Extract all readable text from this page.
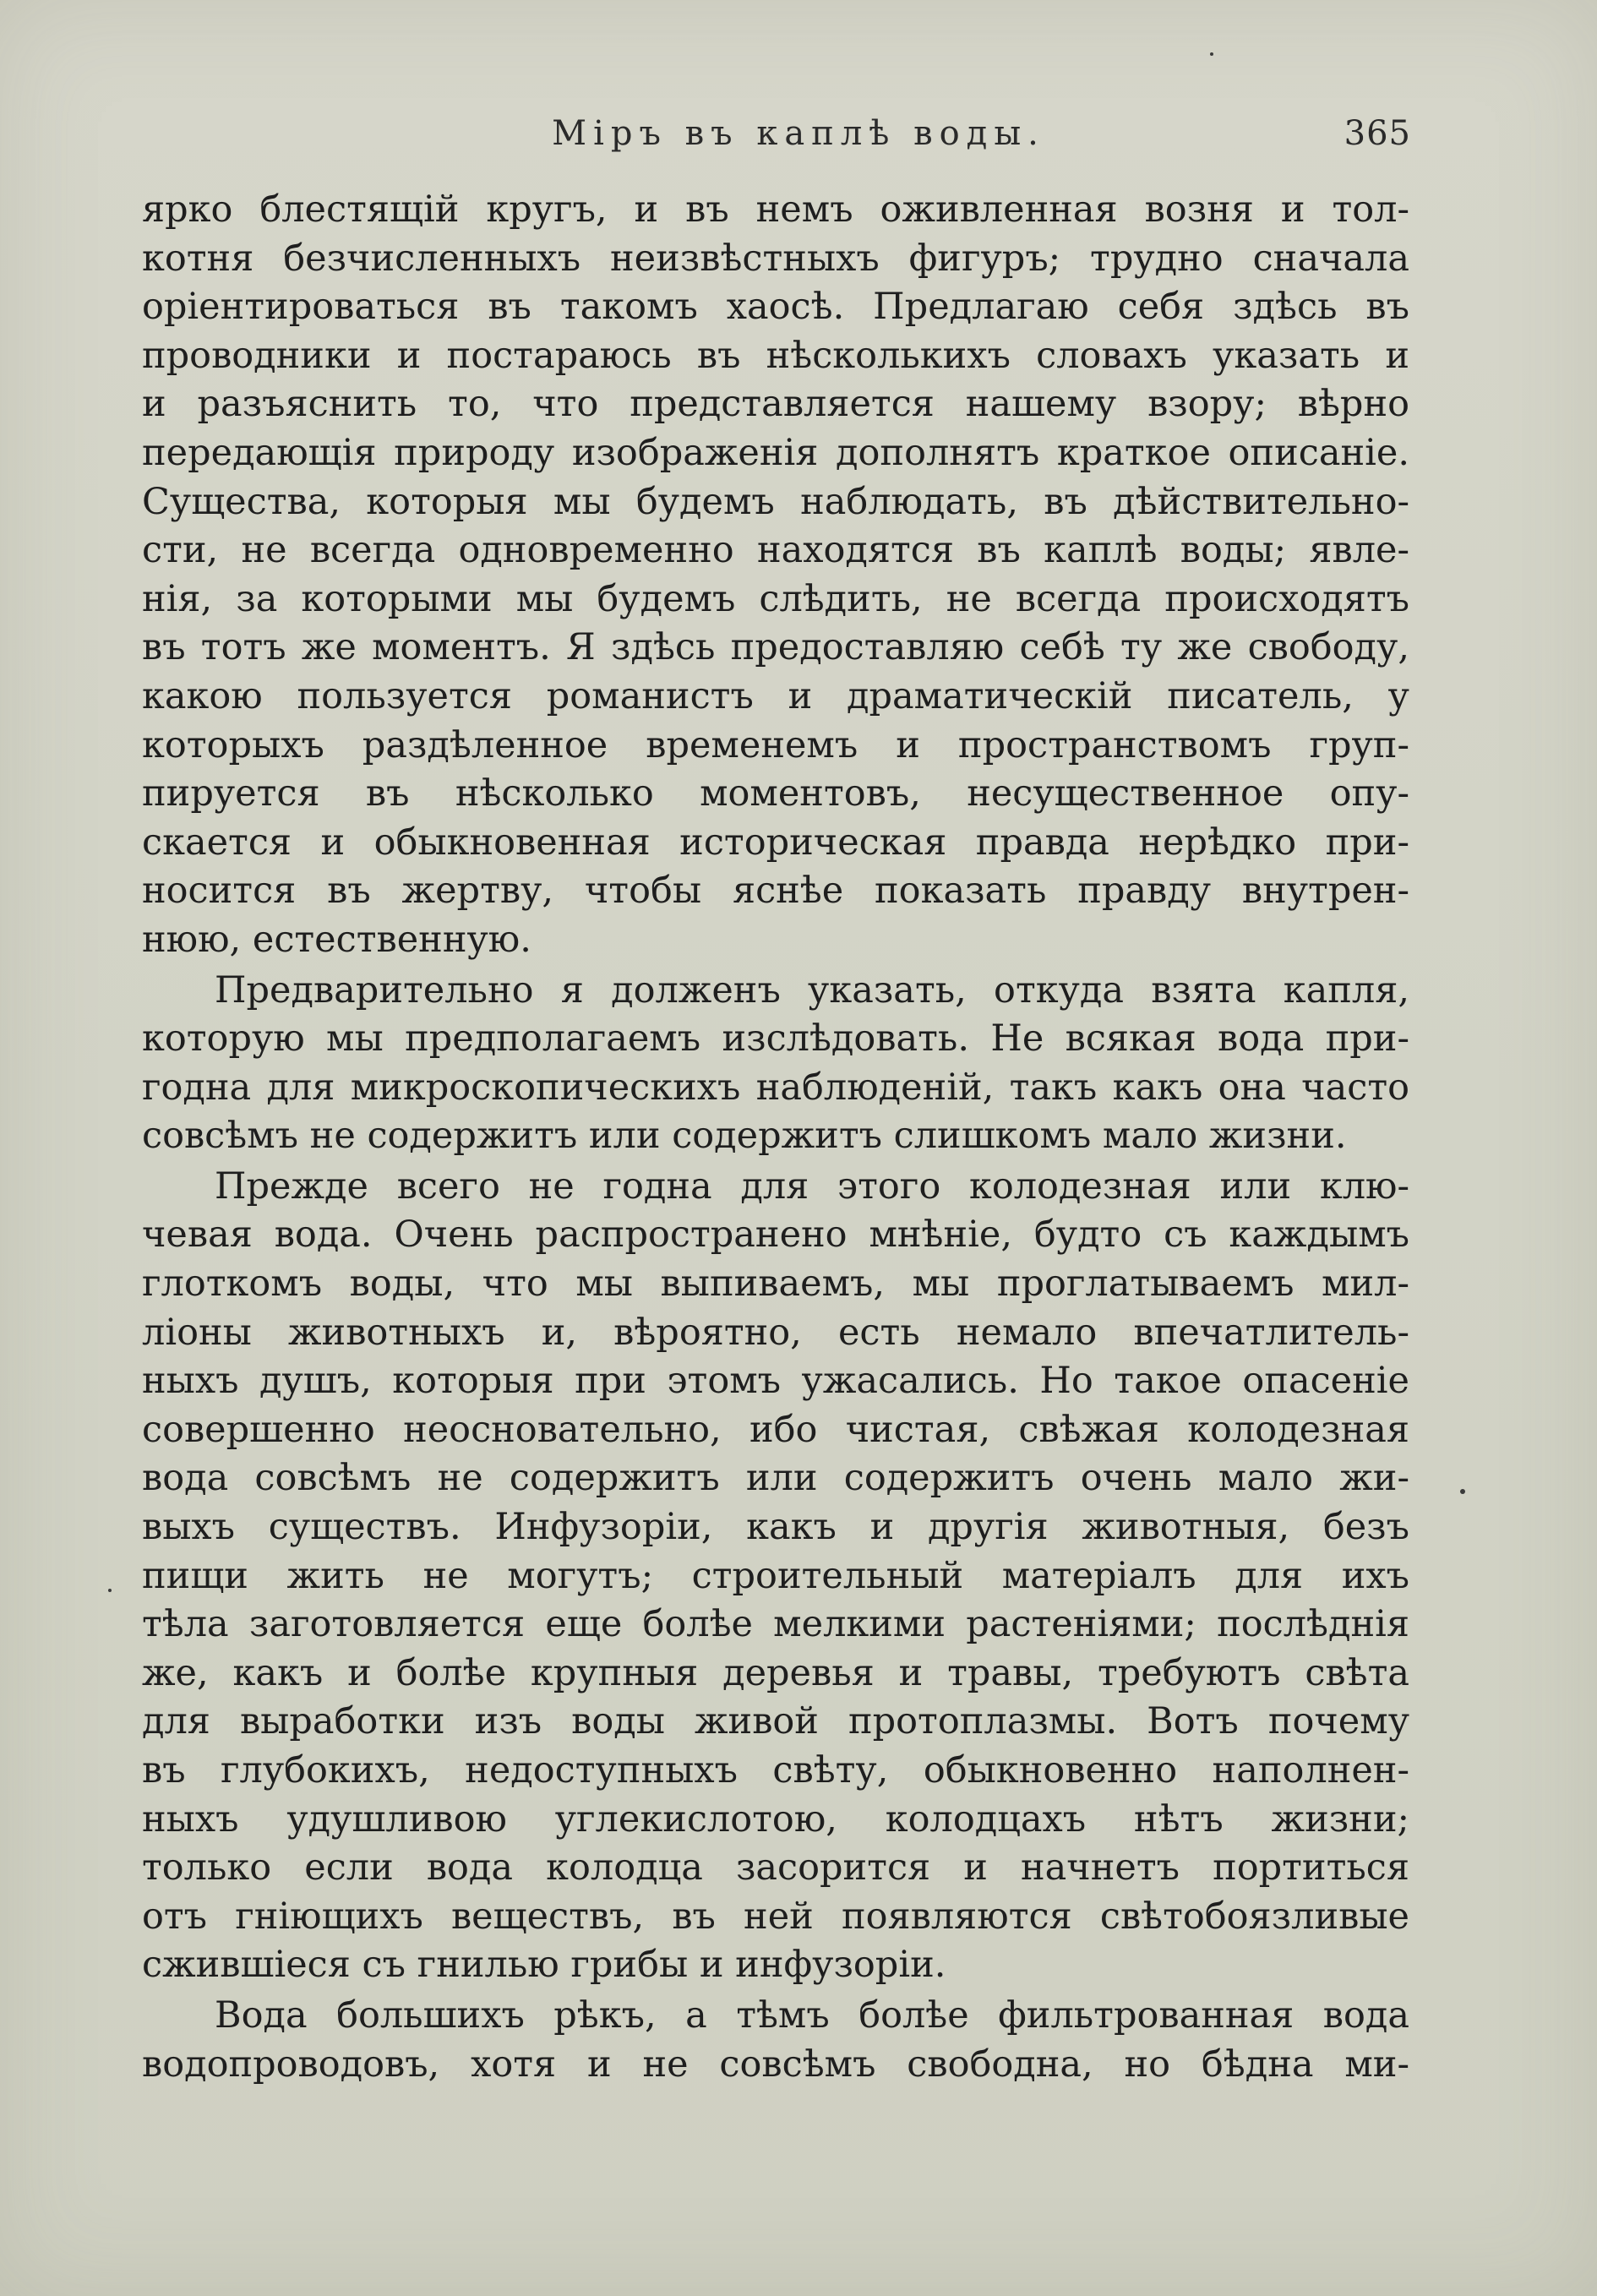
Міръ въ каплѣ воды.	365
ярко блестящій кругъ, и въ немъ оживленная возня и тол-
котня безчисленныхъ неизвѣстныхъ фигуръ; трудно сначала
оріентироваться въ такомъ хаосѣ. Предлагаю себя здѣсь въ
проводники и постараюсь въ нѣсколькихъ словахъ указать и
и разъяснить то, что представляется нашему взору; вѣрно
передающія природу изображенія дополнятъ краткое описаніе.
Существа, которыя мы будемъ наблюдать, въ дѣйствительно-
сти, не всегда одновременно находятся въ каплѣ воды; явле-
нія, за которыми мы будемъ слѣдить, не всегда происходятъ
въ тотъ же моментъ. Я здѣсь предоставляю себѣ ту же свободу,
какою пользуется романистъ и драматическій писатель, у
которыхъ раздѣленное временемъ и пространствомъ груп-
пируется въ нѣсколько моментовъ, несущественное опу-
скается и обыкновенная историческая правда нерѣдко при-
носится въ жертву, чтобы яснѣе показать правду внутрен-
нюю, естественную.
Предварительно я долженъ указать, откуда взята капля,
которую мы предполагаемъ изслѣдовать. Не всякая вода при-
годна для микроскопическихъ наблюденій, такъ какъ она часто
совсѣмъ не содержитъ или содержитъ слишкомъ мало жизни.
Прежде всего не годна для этого колодезная или клю-
чевая вода. Очень распространено мнѣніе, будто съ каждымъ
глоткомъ воды, что мы выпиваемъ, мы проглатываемъ мил-
ліоны животныхъ и, вѣроятно, есть немало впечатлитель-
ныхъ душъ, которыя при этомъ ужасались. Но такое опасеніе
совершенно неосновательно, ибо чистая, свѣжая колодезная
вода совсѣмъ не содержитъ или содержитъ очень мало жи-
выхъ существъ. Инфузоріи, какъ и другія животныя, безъ
пищи жить не могутъ; строительный матеріалъ для ихъ
тѣла заготовляется еще болѣе мелкими растеніями; послѣднія
же, какъ и болѣе крупныя деревья и травы, требуютъ свѣта
для выработки изъ воды живой протоплазмы. Вотъ почему
въ глубокихъ, недоступныхъ свѣту, обыкновенно наполнен-
ныхъ удушливою углекислотою, колодцахъ нѣтъ жизни;
только если вода колодца засорится и начнетъ портиться
отъ гніющихъ веществъ, въ ней появляются свѣтобоязливые
сжившіеся съ гнилью грибы и инфузоріи.
Вода большихъ рѣкъ, а тѣмъ болѣе фильтрованная вода
водопроводовъ, хотя и не совсѣмъ свободна, но бѣдна ми-
